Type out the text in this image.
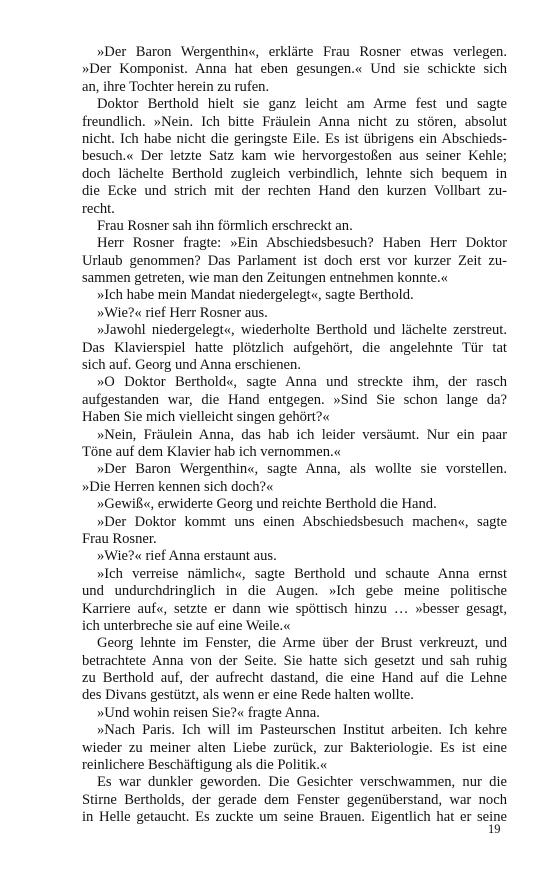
»Der Baron Wergenthin«, erklärte Frau Rosner etwas verlegen.
»Der Komponist. Anna hat eben gesungen.« Und sie schickte sich
an, ihre Tochter herein zu rufen.
Doktor Berthold hielt sie ganz leicht am Arme fest und sagte
freundlich. »Nein. Ich bitte Fräulein Anna nicht zu stören, absolut
nicht. Ich habe nicht die geringste Eile. Es ist übrigens ein Abschieds-
besuch.« Der letzte Satz kam wie hervorgestoßen aus seiner Kehle;
doch lächelte Berthold zugleich verbindlich, lehnte sich bequem in
die Ecke und strich mit der rechten Hand den kurzen Vollbart zu-
recht.
Frau Rosner sah ihn förmlich erschreckt an.
Herr Rosner fragte: »Ein Abschiedsbesuch? Haben Herr Doktor
Urlaub genommen? Das Parlament ist doch erst vor kurzer Zeit zu-
sammen getreten, wie man den Zeitungen entnehmen konnte.«
»Ich habe mein Mandat niedergelegt«, sagte Berthold.
»Wie?« rief Herr Rosner aus.
»Jawohl niedergelegt«, wiederholte Berthold und lächelte zerstreut.
Das Klavierspiel hatte plötzlich aufgehört, die angelehnte Tür tat
sich auf. Georg und Anna erschienen.
»O Doktor Berthold«, sagte Anna und streckte ihm, der rasch
aufgestanden war, die Hand entgegen. »Sind Sie schon lange da?
Haben Sie mich vielleicht singen gehört?«
»Nein, Fräulein Anna, das hab ich leider versäumt. Nur ein paar
Töne auf dem Klavier hab ich vernommen.«
»Der Baron Wergenthin«, sagte Anna, als wollte sie vorstellen.
»Die Herren kennen sich doch?«
»Gewiß«, erwiderte Georg und reichte Berthold die Hand.
»Der Doktor kommt uns einen Abschiedsbesuch machen«, sagte
Frau Rosner.
»Wie?« rief Anna erstaunt aus.
»Ich verreise nämlich«, sagte Berthold und schaute Anna ernst
und undurchdringlich in die Augen. »Ich gebe meine politische
Karriere auf«, setzte er dann wie spöttisch hinzu … »besser gesagt,
ich unterbreche sie auf eine Weile.«
Georg lehnte im Fenster, die Arme über der Brust verkreuzt, und
betrachtete Anna von der Seite. Sie hatte sich gesetzt und sah ruhig
zu Berthold auf, der aufrecht dastand, die eine Hand auf die Lehne
des Divans gestützt, als wenn er eine Rede halten wollte.
»Und wohin reisen Sie?« fragte Anna.
»Nach Paris. Ich will im Pasteurschen Institut arbeiten. Ich kehre
wieder zu meiner alten Liebe zurück, zur Bakteriologie. Es ist eine
reinlichere Beschäftigung als die Politik.«
Es war dunkler geworden. Die Gesichter verschwammen, nur die
Stirne Bertholds, der gerade dem Fenster gegenüberstand, war noch
in Helle getaucht. Es zuckte um seine Brauen. Eigentlich hat er seine
19
